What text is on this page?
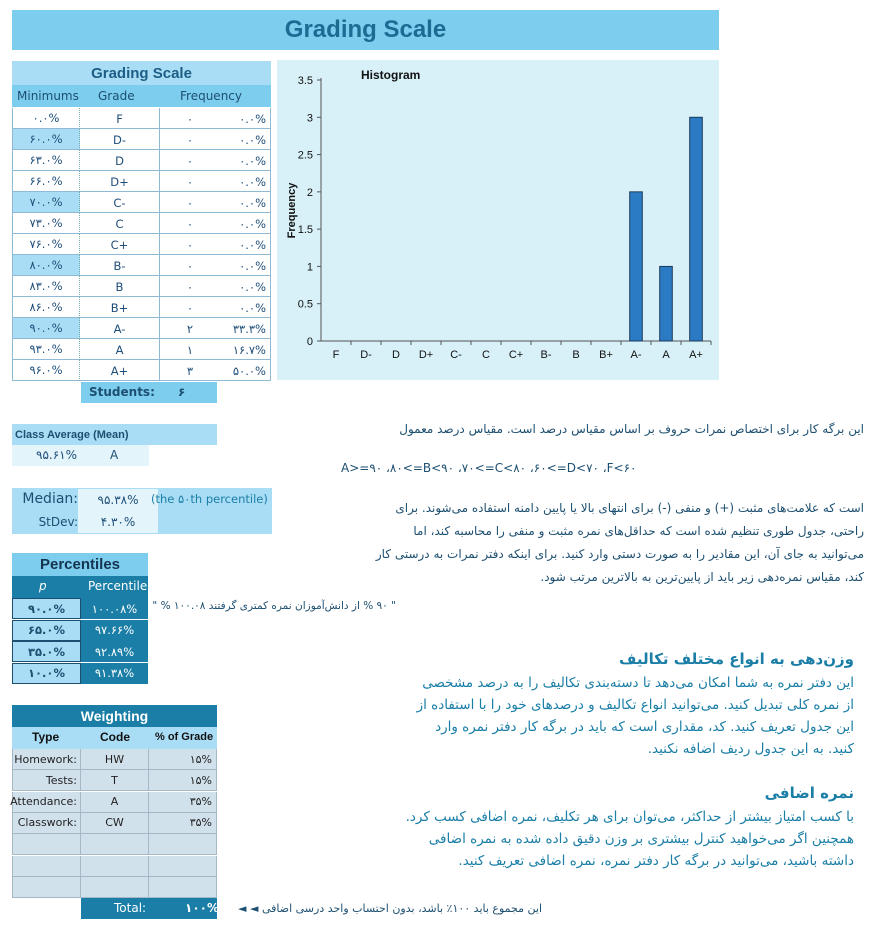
Grading Scale
Grading Scale
Minimums Grade	Frequency
۰.۰%	F	۰	۰.۰%
۶۰.۰%	D-	۰	۰.۰%
۶۳.۰%	D	۰	۰.۰%
۶۶.۰%	D+	۰	۰.۰%
۷۰.۰%	C-	۰	۰.۰%
۷۳.۰%	C	۰	۰.۰%
۷۶.۰%	C+	۰	۰.۰%
۸۰.۰%	B-	۰	۰.۰%
۸۳.۰%	B	۰	۰.۰%
۸۶.۰%	B+	۰	۰.۰%
۹۰.۰%	A-	۲	۳۳.۳%
۹۳.۰%	A	۱	۱۶.۷%
۹۶.۰%	A+	۳	۵۰.۰%
Students: ۶
0
0.5
1
1.5
2
2.5
3
3.5
F D- D D+ C- C C+ B- B B+ A- A A+
Histogram
Frequency
Class Average (Mean)
۹۵.۶۱%	A
Median:	۹۵.۳۸%	(the ۵۰th percentile)
StDev:	۴.۳۰%
Percentiles
p	Percentile
۹۰.۰%	۱۰۰.۰۸%
۶۵.۰%	۹۷.۶۶%
۳۵.۰%	۹۲.۸۹%
۱۰.۰%	۹۱.۳۸%
" ۹۰ % از دانش‌آموزان نمره کمتری گرفتند ۱۰۰.۰۸ % "
Weighting
Type	Code % of Grade
Homework:	HW	۱۵%
Tests:	T	۱۵%
Attendance:	A	۳۵%
Classwork:	CW	۳۵%
Total:	۱۰۰%	این مجموع باید ۱۰۰٪ باشد، بدون احتساب واحد درسی اضافی ◄ ◄
این برگه کار برای اختصاص نمرات حروف بر اساس مقیاس درصد است. مقیاس درصد معمول
A>=۹۰ ،۸۰<=B<۹۰ ،۷۰<=C<۸۰ ،۶۰<=D<۷۰ ،F<۶۰
است که علامت‌های مثبت (+) و منفی (-) برای انتهای بالا یا پایین دامنه استفاده می‌شوند. برای
راحتی، جدول طوری تنظیم شده است که حداقل‌های نمره مثبت و منفی را محاسبه کند، اما
می‌توانید به جای آن، این مقادیر را به صورت دستی وارد کنید. برای اینکه دفتر نمرات به درستی کار
کند، مقیاس نمره‌دهی زیر باید از پایین‌ترین به بالاترین مرتب شود.
وزن‌دهی به انواع مختلف تکالیف
این دفتر نمره به شما امکان می‌دهد تا دسته‌بندی تکالیف را به درصد مشخصی
از نمره کلی تبدیل کنید. می‌توانید انواع تکالیف و درصدهای خود را با استفاده از
این جدول تعریف کنید. کد، مقداری است که باید در برگه کار دفتر نمره وارد
کنید. به این جدول ردیف اضافه نکنید.
نمره اضافی
با کسب امتیاز بیشتر از حداکثر، می‌توان برای هر تکلیف، نمره اضافی کسب کرد.
همچنین اگر می‌خواهید کنترل بیشتری بر وزن دقیق داده شده به نمره اضافی
داشته باشید، می‌توانید در برگه کار دفتر نمره، نمره اضافی تعریف کنید.
